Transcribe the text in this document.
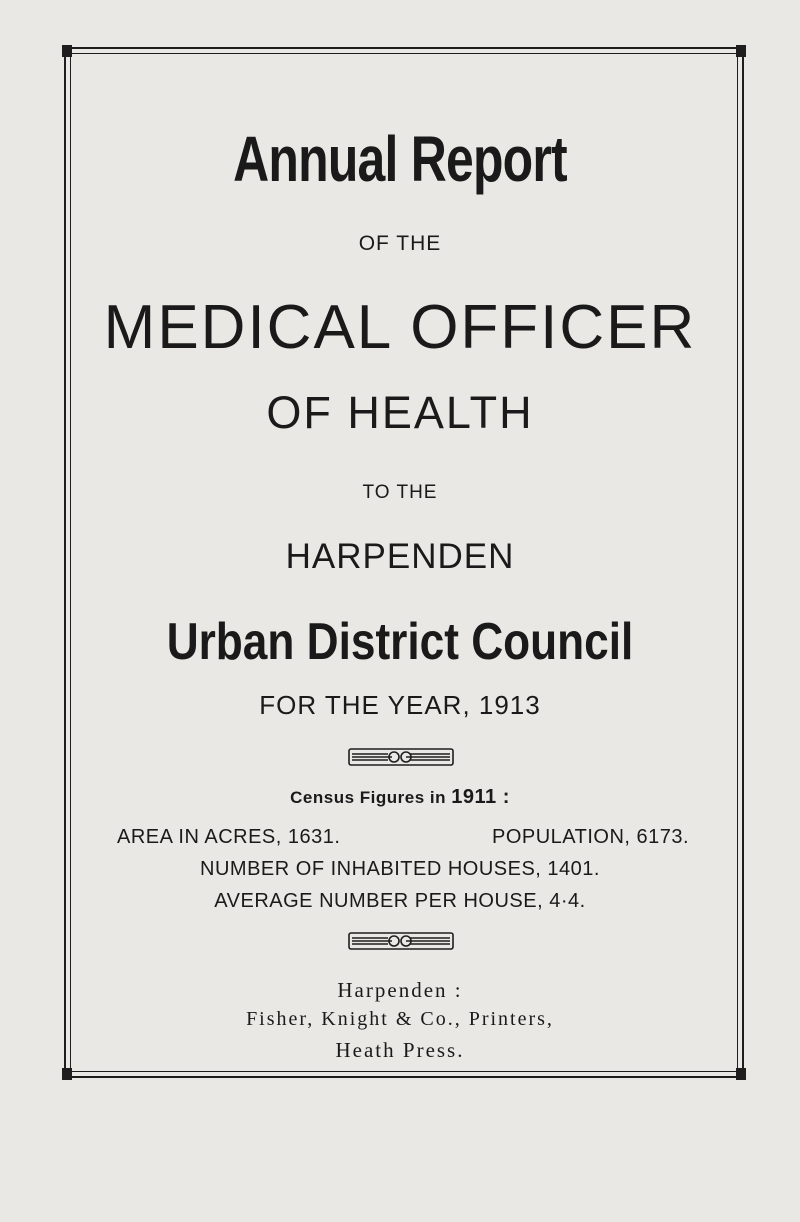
Annual Report
OF THE
MEDICAL OFFICER
OF HEALTH
TO THE
HARPENDEN
Urban District Council
FOR THE YEAR, 1913
Census Figures in 1911 :
AREA IN ACRES, 1631.	POPULATION, 6173.
NUMBER OF INHABITED HOUSES, 1401.
AVERAGE NUMBER PER HOUSE, 4·4.
Harpenden :
Fisher, Knight & Co., Printers,
Heath Press.
